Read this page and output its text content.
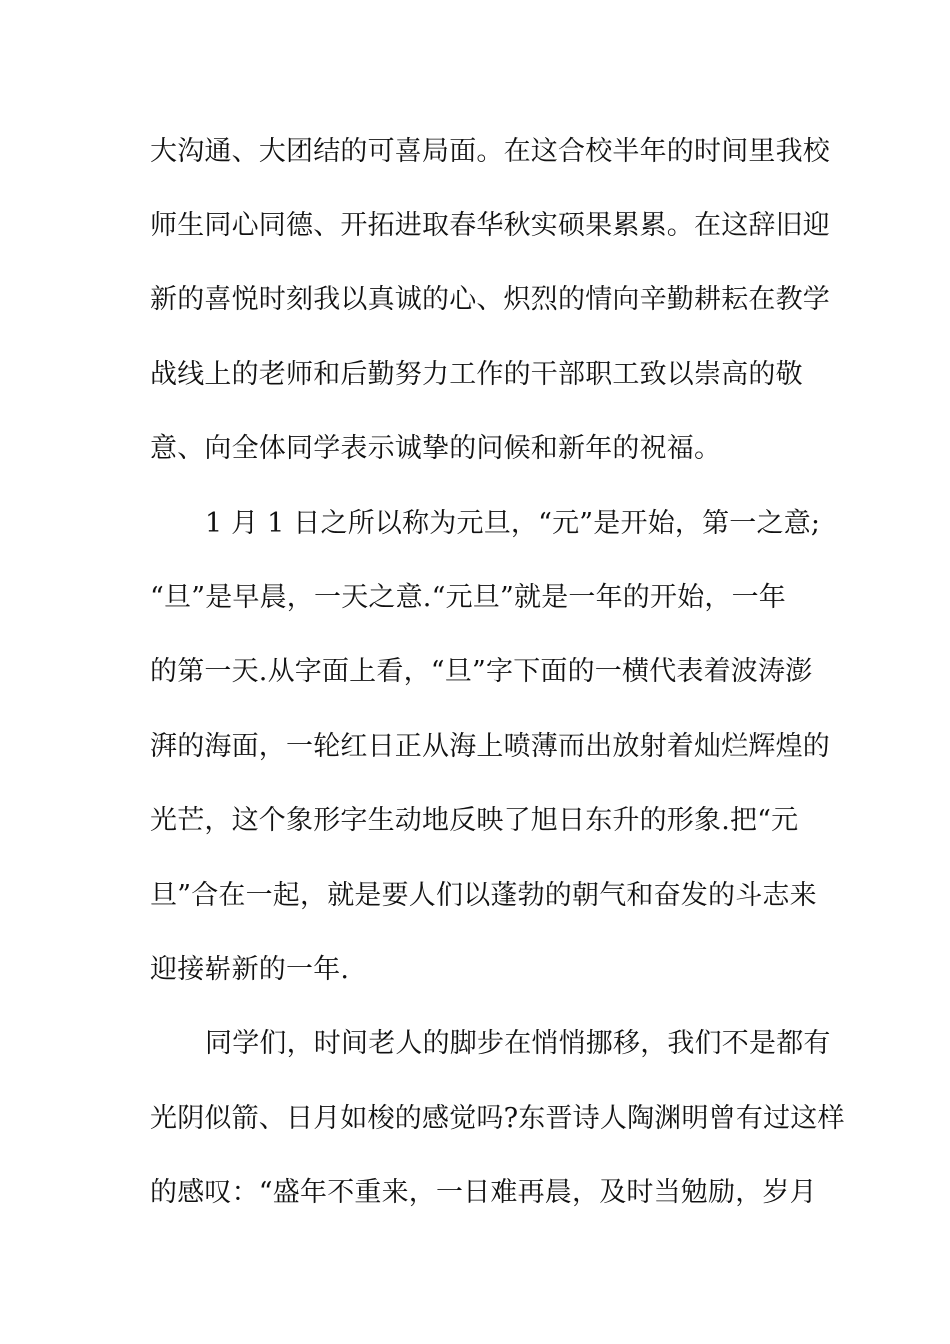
大沟通、大团结的可喜局面。在这合校半年的时间里我校
师生同心同德、开拓进取春华秋实硕果累累。在这辞旧迎
新的喜悦时刻我以真诚的心、炽烈的情向辛勤耕耘在教学
战线上的老师和后勤努力工作的干部职工致以崇高的敬
意、向全体同学表示诚挚的问候和新年的祝福。
1 月 1 日之所以称为元旦，“元”是开始，第一之意;
“旦”是早晨，一天之意.“元旦”就是一年的开始，一年
的第一天.从字面上看，“旦”字下面的一横代表着波涛澎
湃的海面，一轮红日正从海上喷薄而出放射着灿烂辉煌的
光芒，这个象形字生动地反映了旭日东升的形象.把“元
旦”合在一起，就是要人们以蓬勃的朝气和奋发的斗志来
迎接崭新的一年.
同学们，时间老人的脚步在悄悄挪移，我们不是都有
光阴似箭、日月如梭的感觉吗?东晋诗人陶渊明曾有过这样
的感叹：“盛年不重来，一日难再晨，及时当勉励，岁月
